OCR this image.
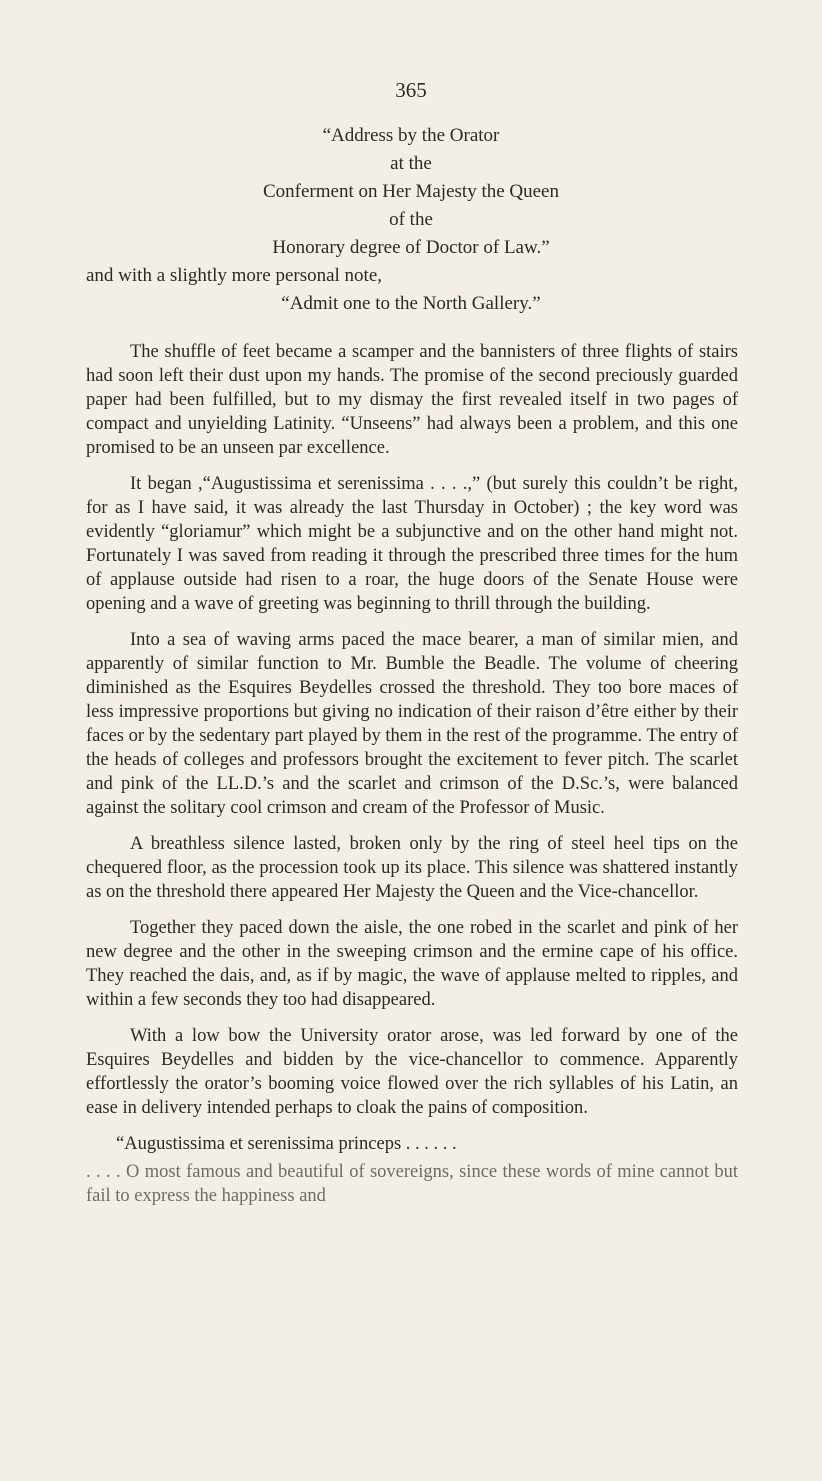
365
“Address by the Orator
at the
Conferment on Her Majesty the Queen
of the
Honorary degree of Doctor of Law.”
and with a slightly more personal note,
“Admit one to the North Gallery.”

The shuffle of feet became a scamper and the bannisters of three flights of stairs had soon left their dust upon my hands. The promise of the second preciously guarded paper had been fulfilled, but to my dismay the first revealed itself in two pages of compact and unyielding Latinity. “Unseens” had always been a problem, and this one promised to be an unseen par excellence.

It began ,“Augustissima et serenissima . . . .,” (but surely this couldn’t be right, for as I have said, it was already the last Thursday in October) ; the key word was evidently “gloriamur” which might be a subjunctive and on the other hand might not. Fortunately I was saved from reading it through the prescribed three times for the hum of applause outside had risen to a roar, the huge doors of the Senate House were opening and a wave of greeting was beginning to thrill through the building.

Into a sea of waving arms paced the mace bearer, a man of similar mien, and apparently of similar function to Mr. Bumble the Beadle. The volume of cheering diminished as the Esquires Beydelles crossed the threshold. They too bore maces of less impressive proportions but giving no indication of their raison d’être either by their faces or by the sedentary part played by them in the rest of the programme. The entry of the heads of colleges and professors brought the excitement to fever pitch. The scarlet and pink of the LL.D.’s and the scarlet and crimson of the D.Sc.’s, were balanced against the solitary cool crimson and cream of the Professor of Music.

A breathless silence lasted, broken only by the ring of steel heel tips on the chequered floor, as the procession took up its place. This silence was shattered instantly as on the threshold there appeared Her Majesty the Queen and the Vice-chancellor.

Together they paced down the aisle, the one robed in the scarlet and pink of her new degree and the other in the sweeping crimson and the ermine cape of his office. They reached the dais, and, as if by magic, the wave of applause melted to ripples, and within a few seconds they too had disappeared.

With a low bow the University orator arose, was led forward by one of the Esquires Beydelles and bidden by the vice-chancellor to commence. Apparently effortlessly the orator’s booming voice flowed over the rich syllables of his Latin, an ease in delivery intended perhaps to cloak the pains of composition.

“Augustissima et serenissima princeps . . . . . .

. . . . O most famous and beautiful of sovereigns, since these words of mine cannot but fail to express the happiness and
